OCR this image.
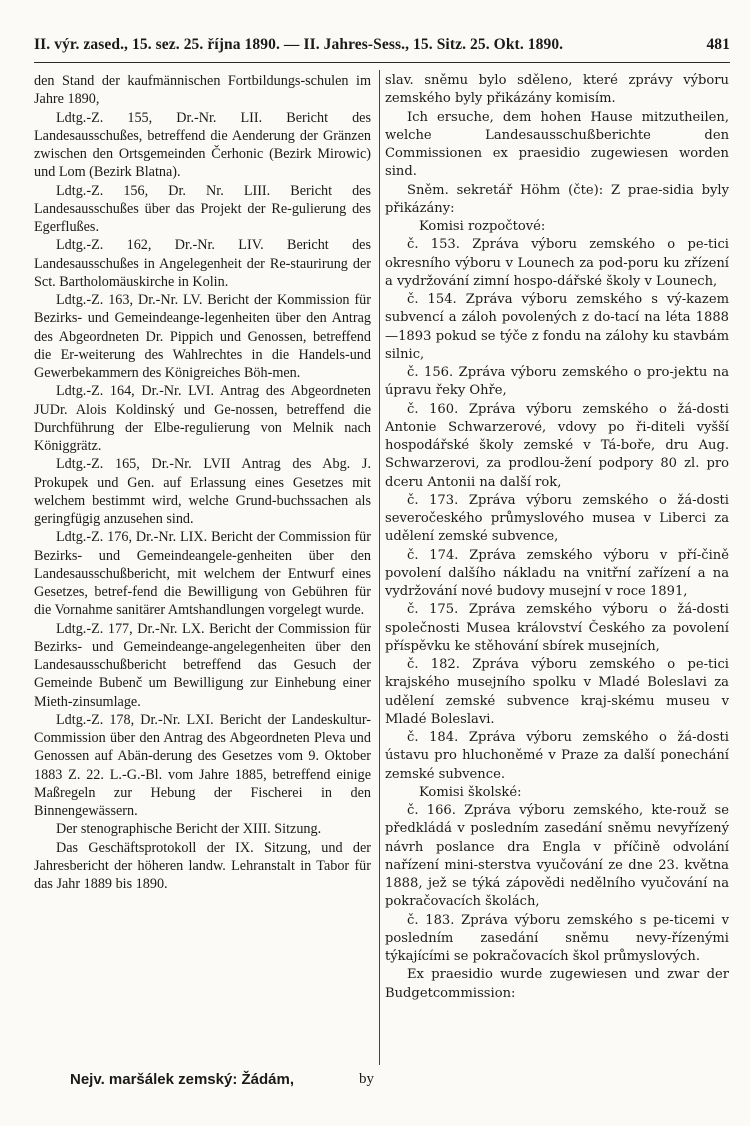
II. výr. zased., 15. sez. 25. října 1890. — II. Jahres-Sess., 15. Sitz. 25. Okt. 1890.	481

den Stand der kaufmännischen Fortbildungs-schulen im Jahre 1890,

Ldtg.-Z. 155, Dr.-Nr. LII. Bericht des Landesausschußes, betreffend die Aenderung der Gränzen zwischen den Ortsgemeinden Čerhonic (Bezirk Mirowic) und Lom (Bezirk Blatna).

Ldtg.-Z. 156, Dr. Nr. LIII. Bericht des Landesausschußes über das Projekt der Re-gulierung des Egerflußes.

Ldtg.-Z. 162, Dr.-Nr. LIV. Bericht des Landesausschußes in Angelegenheit der Re-staurirung der Sct. Bartholomäuskirche in Kolin.

Ldtg.-Z. 163, Dr.-Nr. LV. Bericht der Kommission für Bezirks- und Gemeindeange-legenheiten über den Antrag des Abgeordneten Dr. Pippich und Genossen, betreffend die Er-weiterung des Wahlrechtes in die Handels-und Gewerbekammern des Königreiches Böh-men.

Ldtg.-Z. 164, Dr.-Nr. LVI. Antrag des Abgeordneten JUDr. Alois Koldinský und Ge-nossen, betreffend die Durchführung der Elbe-regulierung von Melnik nach Königgrätz.

Ldtg.-Z. 165, Dr.-Nr. LVII Antrag des Abg. J. Prokupek und Gen. auf Erlassung eines Gesetzes mit welchem bestimmt wird, welche Grund-buchssachen als geringfügig anzusehen sind.

Ldtg.-Z. 176, Dr.-Nr. LIX. Bericht der Commission für Bezirks- und Gemeindeangele-genheiten über den Landesausschußbericht, mit welchem der Entwurf eines Gesetzes, betref-fend die Bewilligung von Gebühren für die Vornahme sanitärer Amtshandlungen vorgelegt wurde.

Ldtg.-Z. 177, Dr.-Nr. LX. Bericht der Commission für Bezirks- und Gemeindeange-angelegenheiten über den Landesausschußbericht betreffend das Gesuch der Gemeinde Bubenč um Bewilligung zur Einhebung einer Mieth-zinsumlage.

Ldtg.-Z. 178, Dr.-Nr. LXI. Bericht der Landeskultur-Commission über den Antrag des Abgeordneten Pleva und Genossen auf Abän-derung des Gesetzes vom 9. Oktober 1883 Z. 22. L.-G.-Bl. vom Jahre 1885, betreffend einige Maßregeln zur Hebung der Fischerei in den Binnengewässern.

Der stenographische Bericht der XIII. Sitzung.

Das Geschäftsprotokoll der IX. Sitzung, und der Jahresbericht der höheren landw. Lehranstalt in Tabor für das Jahr 1889 bis 1890.

slav. sněmu bylo sděleno, které zprávy výboru zemského byly přikázány komisím.

Ich ersuche, dem hohen Hause mitzutheilen, welche Landesausschußberichte den Commissionen ex praesidio zugewiesen worden sind.

Sněm. sekretář Höhm (čte): Z prae-sidia byly přikázány:

Komisi rozpočtové:

č. 153. Zpráva výboru zemského o pe-tici okresního výboru v Lounech za pod-poru ku zřízení a vydržování zimní hospo-dářské školy v Lounech,

č. 154. Zpráva výboru zemského s vý-kazem subvencí a záloh povolených z do-tací na léta 1888—1893 pokud se týče z fondu na zálohy ku stavbám silnic,

č. 156. Zpráva výboru zemského o pro-jektu na úpravu řeky Ohře,

č. 160. Zpráva výboru zemského o žá-dosti Antonie Schwarzerové, vdovy po ři-diteli vyšší hospodářské školy zemské v Tá-boře, dru Aug. Schwarzerovi, za prodlou-žení podpory 80 zl. pro dceru Antonii na další rok,

č. 173. Zpráva výboru zemského o žá-dosti severočeského průmyslového musea v Liberci za udělení zemské subvence,

č. 174. Zpráva zemského výboru v pří-čině povolení dalšího nákladu na vnitřní zařízení a na vydržování nové budovy musejní v roce 1891,

č. 175. Zpráva zemského výboru o žá-dosti společnosti Musea království Českého za povolení příspěvku ke stěhování sbírek musejních,

č. 182. Zpráva výboru zemského o pe-tici krajského musejního spolku v Mladé Boleslavi za udělení zemské subvence kraj-skému museu v Mladé Boleslavi.

č. 184. Zpráva výboru zemského o žá-dosti ústavu pro hluchoněmé v Praze za další ponechání zemské subvence.

Komisi školské:

č. 166. Zpráva výboru zemského, kte-rouž se předkládá v posledním zasedání sněmu nevyřízený návrh poslance dra Engla v příčině odvolání nařízení mini-sterstva vyučování ze dne 23. května 1888, jež se týká zápovědi nedělního vyučování na pokračovacích školách,

č. 183. Zpráva výboru zemského s pe-ticemi v posledním zasedání sněmu nevy-řízenými týkajícími se pokračovacích škol průmyslových.

Ex praesidio wurde zugewiesen und zwar der Budgetcommission:

Nejv. maršálek zemský: Žádám,	by
